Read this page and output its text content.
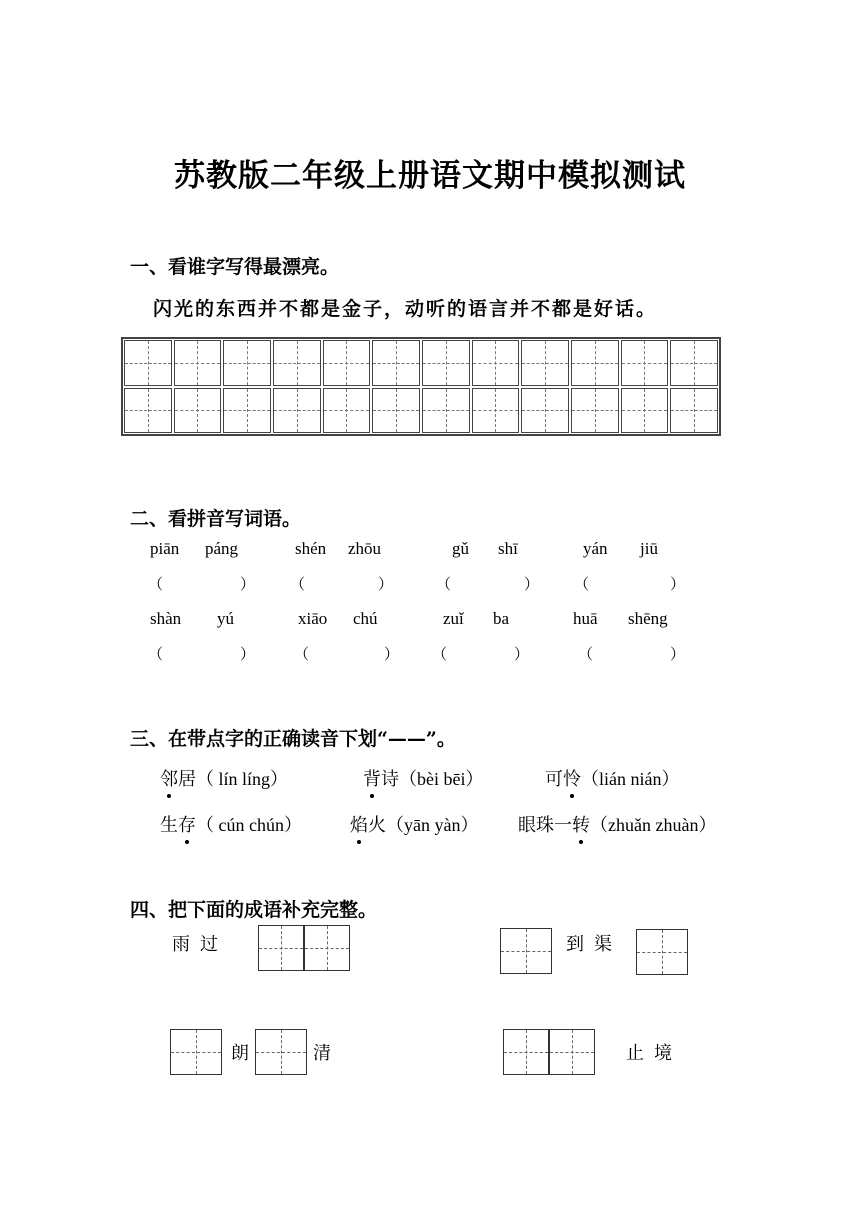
苏教版二年级上册语文期中模拟测试
一、看谁字写得最漂亮。
闪光的东西并不都是金子，动听的语言并不都是好话。
二、看拼音写词语。
piān páng	shén zhōu	gǔ shī	yán jiū
（	） （	）	（	） （	）
shàn yú	xiāo chú	zuǐ ba	huā shēng
（	）	（	） （	）	（	）
三、在带点字的正确读音下划“——”。
邻居（ lín líng）	背诗（bèi bēi）	可怜（lián nián）
生存（ cún chún）	焰火（yān yàn） 眼珠一转（zhuǎn zhuàn）
四、把下面的成语补充完整。
雨过	到渠
朗	清	止境
